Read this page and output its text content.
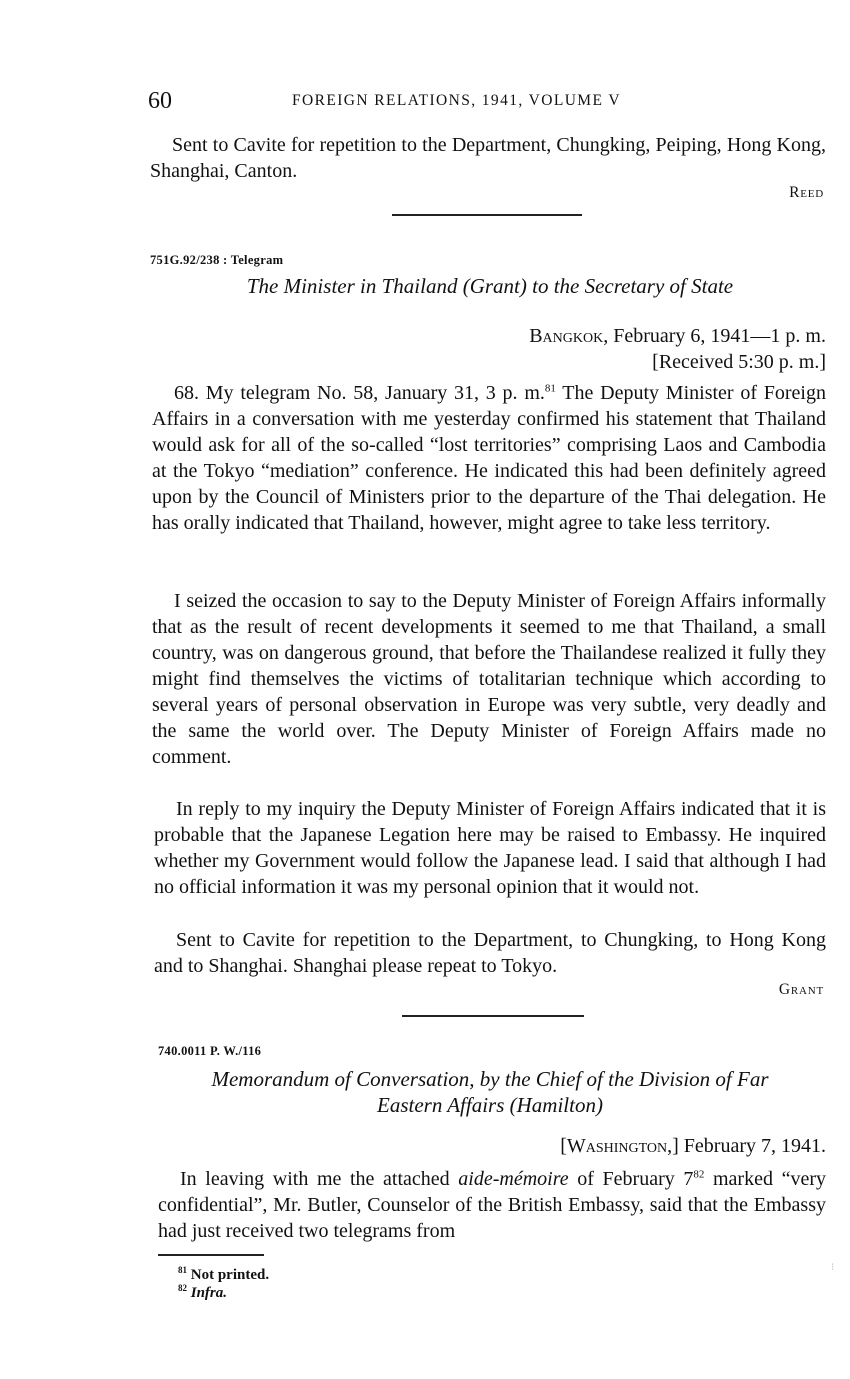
60	FOREIGN RELATIONS, 1941, VOLUME V

Sent to Cavite for repetition to the Department, Chungking, Peiping, Hong Kong, Shanghai, Canton.

Reed
751G.92/238 : Telegram
The Minister in Thailand (Grant) to the Secretary of State
Bangkok, February 6, 1941—1 p. m.
[Received 5:30 p. m.]

68. My telegram No. 58, January 31, 3 p. m.$^{81}$ The Deputy Minister of Foreign Affairs in a conversation with me yesterday confirmed his statement that Thailand would ask for all of the so-called “lost territories” comprising Laos and Cambodia at the Tokyo “mediation” conference. He indicated this had been definitely agreed upon by the Council of Ministers prior to the departure of the Thai delegation. He has orally indicated that Thailand, however, might agree to take less territory.

I seized the occasion to say to the Deputy Minister of Foreign Affairs informally that as the result of recent developments it seemed to me that Thailand, a small country, was on dangerous ground, that before the Thailandese realized it fully they might find themselves the victims of totalitarian technique which according to several years of personal observation in Europe was very subtle, very deadly and the same the world over. The Deputy Minister of Foreign Affairs made no comment.

In reply to my inquiry the Deputy Minister of Foreign Affairs indicated that it is probable that the Japanese Legation here may be raised to Embassy. He inquired whether my Government would follow the Japanese lead. I said that although I had no official information it was my personal opinion that it would not.

Sent to Cavite for repetition to the Department, to Chungking, to Hong Kong and to Shanghai. Shanghai please repeat to Tokyo.

Grant
740.0011 P. W./116
Memorandum of Conversation, by the Chief of the Division of Far
Eastern Affairs (Hamilton)
[Washington,] February 7, 1941.

In leaving with me the attached aide-mémoire of February 7$^{82}$ marked “very confidential”, Mr. Butler, Counselor of the British Embassy, said that the Embassy had just received two telegrams from

$^{81}$ Not printed.
$^{82}$ Infra.
⁝
